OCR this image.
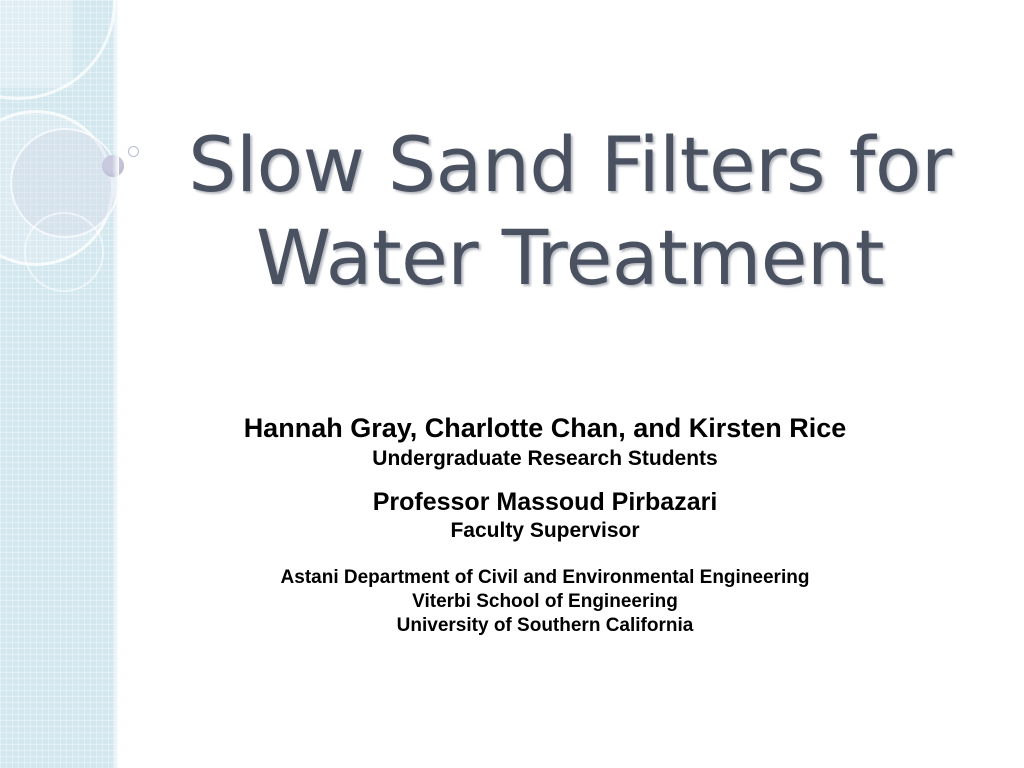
Slow Sand Filters for
Water Treatment
Hannah Gray, Charlotte Chan, and Kirsten Rice
Undergraduate Research Students
Professor Massoud Pirbazari
Faculty Supervisor
Astani Department of Civil and Environmental Engineering
Viterbi School of Engineering
University of Southern California
